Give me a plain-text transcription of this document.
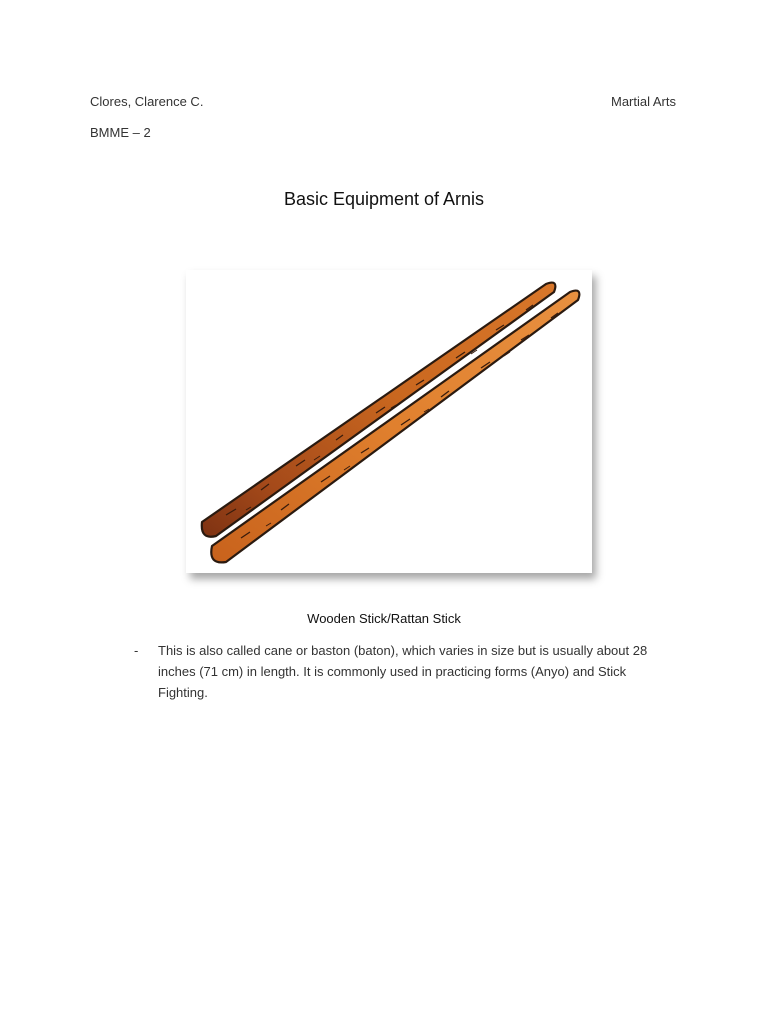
Clores, Clarence C.
BMME – 2
Martial Arts
Basic Equipment of Arnis
Wooden Stick/Rattan Stick
- This is also called cane or baston (baton), which varies in size but is usually about 28 inches (71 cm) in length. It is commonly used in practicing forms (Anyo) and Stick Fighting.
